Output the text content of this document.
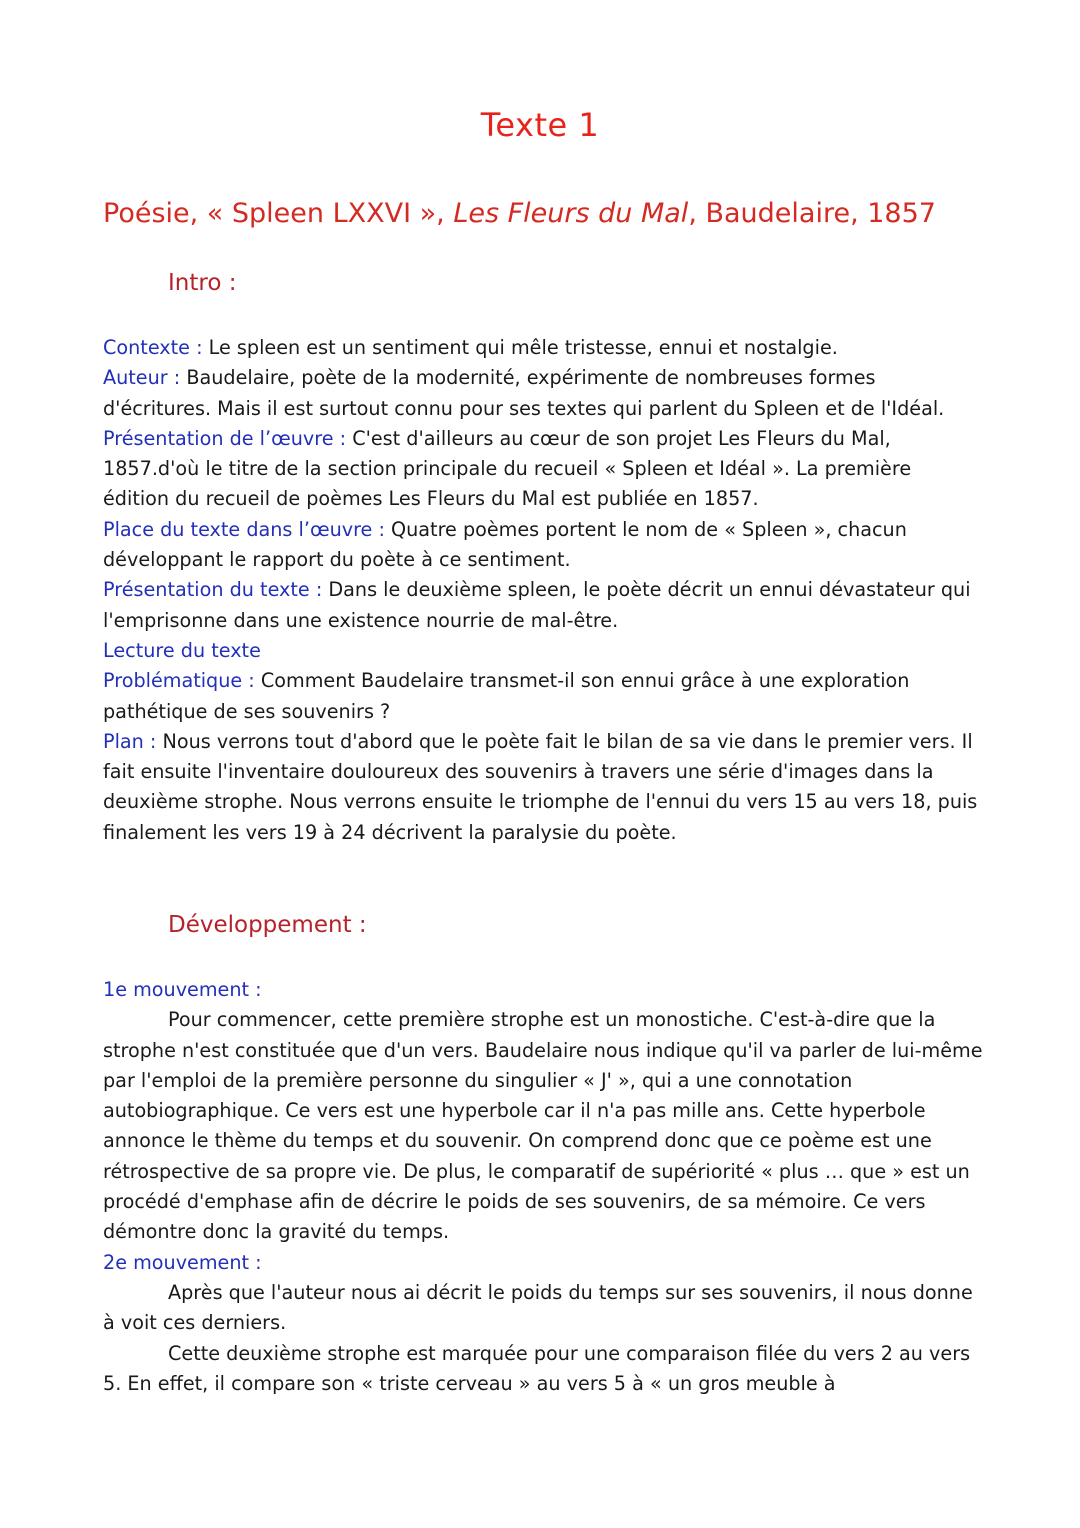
Texte 1
Poésie, « Spleen LXXVI », Les Fleurs du Mal, Baudelaire, 1857
Intro :

Contexte : Le spleen est un sentiment qui mêle tristesse, ennui et nostalgie.

Auteur : Baudelaire, poète de la modernité, expérimente de nombreuses formes d'écritures. Mais il est surtout connu pour ses textes qui parlent du Spleen et de l'Idéal.

Présentation de l’œuvre : C'est d'ailleurs au cœur de son projet Les Fleurs du Mal, 1857.d'où le titre de la section principale du recueil « Spleen et Idéal ». La première édition du recueil de poèmes Les Fleurs du Mal est publiée en 1857.

Place du texte dans l’œuvre : Quatre poèmes portent le nom de « Spleen », chacun développant le rapport du poète à ce sentiment.

Présentation du texte : Dans le deuxième spleen, le poète décrit un ennui dévastateur qui l'emprisonne dans une existence nourrie de mal-être.

Lecture du texte

Problématique : Comment Baudelaire transmet-il son ennui grâce à une exploration pathétique de ses souvenirs ?

Plan : Nous verrons tout d'abord que le poète fait le bilan de sa vie dans le premier vers. Il fait ensuite l'inventaire douloureux des souvenirs à travers une série d'images dans la deuxième strophe. Nous verrons ensuite le triomphe de l'ennui du vers 15 au vers 18, puis finalement les vers 19 à 24 décrivent la paralysie du poète.

Développement :

1e mouvement :

Pour commencer, cette première strophe est un monostiche. C'est-à-dire que la strophe n'est constituée que d'un vers. Baudelaire nous indique qu'il va parler de lui-même par l'emploi de la première personne du singulier « J' », qui a une connotation autobiographique. Ce vers est une hyperbole car il n'a pas mille ans. Cette hyperbole annonce le thème du temps et du souvenir. On comprend donc que ce poème est une rétrospective de sa propre vie. De plus, le comparatif de supériorité « plus … que » est un procédé d'emphase afin de décrire le poids de ses souvenirs, de sa mémoire. Ce vers démontre donc la gravité du temps.

2e mouvement :

Après que l'auteur nous ai décrit le poids du temps sur ses souvenirs, il nous donne à voit ces derniers.

Cette deuxième strophe est marquée pour une comparaison filée du vers 2 au vers 5. En effet, il compare son « triste cerveau » au vers 5 à « un gros meuble à
